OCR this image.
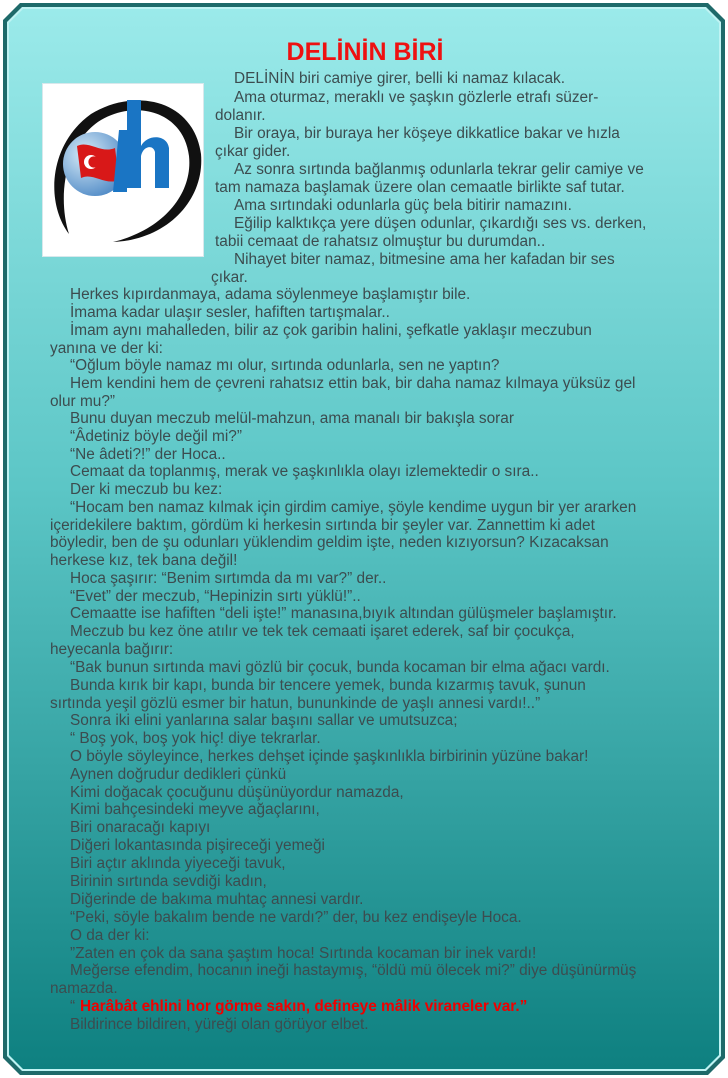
DELİNİN BİRİ
DELİNİN biri camiye girer, belli ki namaz kılacak.
Ama oturmaz, meraklı ve şaşkın gözlerle etrafı süzer-
dolanır.
Bir oraya, bir buraya her köşeye dikkatlice bakar ve hızla
çıkar gider.
Az sonra sırtında bağlanmış odunlarla tekrar gelir camiye ve
tam namaza başlamak üzere olan cemaatle birlikte saf tutar.
Ama sırtındaki odunlarla güç bela bitirir namazını.
Eğilip kalktıkça yere düşen odunlar, çıkardığı ses vs. derken,
tabii cemaat de rahatsız olmuştur bu durumdan..
Nihayet biter namaz, bitmesine ama her kafadan bir ses
çıkar.
Herkes kıpırdanmaya, adama söylenmeye başlamıştır bile.
İmama kadar ulaşır sesler, hafiften tartışmalar..
İmam aynı mahalleden, bilir az çok garibin halini, şefkatle yaklaşır meczubun
yanına ve der ki:
“Oğlum böyle namaz mı olur, sırtında odunlarla, sen ne yaptın?
Hem kendini hem de çevreni rahatsız ettin bak, bir daha namaz kılmaya yüksüz gel
olur mu?”
Bunu duyan meczub melül-mahzun, ama manalı bir bakışla sorar
“Âdetiniz böyle değil mi?”
“Ne âdeti?!” der Hoca..
Cemaat da toplanmış, merak ve şaşkınlıkla olayı izlemektedir o sıra..
Der ki meczub bu kez:
“Hocam ben namaz kılmak için girdim camiye, şöyle kendime uygun bir yer ararken
içeridekilere baktım, gördüm ki herkesin sırtında bir şeyler var. Zannettim ki adet
böyledir, ben de şu odunları yüklendim geldim işte, neden kızıyorsun? Kızacaksan
herkese kız, tek bana değil!
Hoca şaşırır: “Benim sırtımda da mı var?” der..
“Evet” der meczub, “Hepinizin sırtı yüklü!”..
Cemaatte ise hafiften “deli işte!” manasına,bıyık altından gülüşmeler başlamıştır.
Meczub bu kez öne atılır ve tek tek cemaati işaret ederek, saf bir çocukça,
heyecanla bağırır:
“Bak bunun sırtında mavi gözlü bir çocuk, bunda kocaman bir elma ağacı vardı.
Bunda kırık bir kapı, bunda bir tencere yemek, bunda kızarmış tavuk, şunun
sırtında yeşil gözlü esmer bir hatun, bununkinde de yaşlı annesi vardı!..”
Sonra iki elini yanlarına salar başını sallar ve umutsuzca;
“ Boş yok, boş yok hiç! diye tekrarlar.
O böyle söyleyince, herkes dehşet içinde şaşkınlıkla birbirinin yüzüne bakar!
Aynen doğrudur dedikleri çünkü
Kimi doğacak çocuğunu düşünüyordur namazda,
Kimi bahçesindeki meyve ağaçlarını,
Biri onaracağı kapıyı
Diğeri lokantasında pişireceği yemeği
Biri açtır aklında yiyeceği tavuk,
Birinin sırtında sevdiği kadın,
Diğerinde de bakıma muhtaç annesi vardır.
“Peki, söyle bakalım bende ne vardı?” der, bu kez endişeyle Hoca.
O da der ki:
”Zaten en çok da sana şaştım hoca! Sırtında kocaman bir inek vardı!
Meğerse efendim, hocanın ineği hastaymış, “öldü mü ölecek mi?” diye düşünürmüş
namazda.
“ Harâbât ehlini hor görme sakın, defineye mâlik viraneler var.”
Bildirince bildiren, yüreği olan görüyor elbet.
